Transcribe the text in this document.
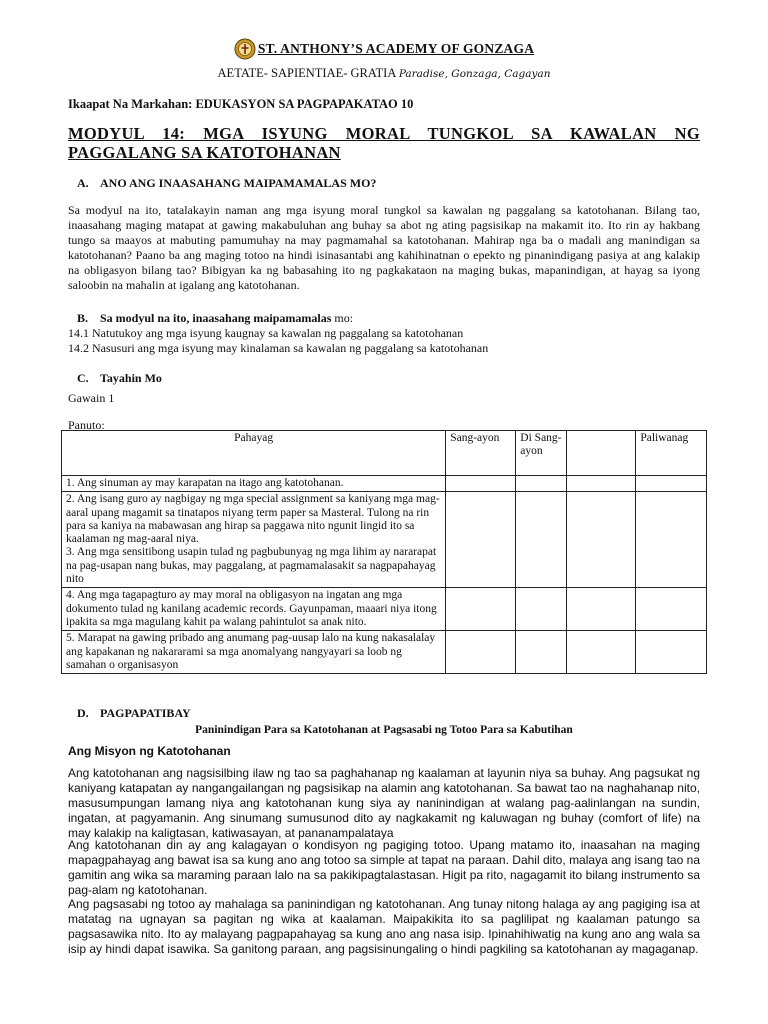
ST. ANTHONY’S ACADEMY OF GONZAGA
AETATE- SAPIENTIAE- GRATIA Paradise, Gonzaga, Cagayan
Ikaapat Na Markahan: EDUKASYON SA PAGPAPAKATAO 10
MODYUL 14: MGA ISYUNG MORAL TUNGKOL SA KAWALAN NG PAGGALANG SA KATOTOHANAN
A. ANO ANG INAASAHANG MAIPAMAMALAS MO?
Sa modyul na ito, tatalakayin naman ang mga isyung moral tungkol sa kawalan ng paggalang sa katotohanan. Bilang tao, inaasahang maging matapat at gawing makabuluhan ang buhay sa abot ng ating pagsisikap na makamit ito. Ito rin ay hakbang tungo sa maayos at mabuting pamumuhay na may pagmamahal sa katotohanan. Mahirap nga ba o madali ang manindigan sa katotohanan? Paano ba ang maging totoo na hindi isinasantabi ang kahihinatnan o epekto ng pinanindigang pasiya at ang kalakip na obligasyon bilang tao? Bibigyan ka ng babasahing ito ng pagkakataon na maging bukas, mapanindigan, at hayag sa iyong saloobin na mahalin at igalang ang katotohanan.
B. Sa modyul na ito, inaasahang maipamamalas mo:
14.1 Natutukoy ang mga isyung kaugnay sa kawalan ng paggalang sa katotohanan
14.2 Nasusuri ang mga isyung may kinalaman sa kawalan ng paggalang sa katotohanan
C. Tayahin Mo
Gawain 1
Panuto:
Pahayag	Sang-ayon	Di Sang-ayon		Paliwanag
1. Ang sinuman ay may karapatan na itago ang katotohanan.				
2. Ang isang guro ay nagbigay ng mga special assignment sa kaniyang mga mag-aaral upang magamit sa tinatapos niyang term paper sa Masteral. Tulong na rin para sa kaniya na mabawasan ang hirap sa paggawa nito ngunit lingid ito sa kaalaman ng mag-aaral niya.
3. Ang mga sensitibong usapin tulad ng pagbubunyag ng mga lihim ay nararapat na pag-usapan nang bukas, may paggalang, at pagmamalasakit sa nagpapahayag nito				
4. Ang mga tagapagturo ay may moral na obligasyon na ingatan ang mga dokumento tulad ng kanilang academic records. Gayunpaman, maaari niya itong ipakita sa mga magulang kahit pa walang pahintulot sa anak nito.				
5. Marapat na gawing pribado ang anumang pag-uusap lalo na kung nakasalalay ang kapakanan ng nakararami sa mga anomalyang nangyayari sa loob ng samahan o organisasyon				
D. PAGPAPATIBAY
Paninindigan Para sa Katotohanan at Pagsasabi ng Totoo Para sa Kabutihan
Ang Misyon ng Katotohanan
Ang katotohanan ang nagsisilbing ilaw ng tao sa paghahanap ng kaalaman at layunin niya sa buhay. Ang pagsukat ng kaniyang katapatan ay nangangailangan ng pagsisikap na alamin ang katotohanan. Sa bawat tao na naghahanap nito, masusumpungan lamang niya ang katotohanan kung siya ay naninindigan at walang pag-aalinlangan na sundin, ingatan, at pagyamanin. Ang sinumang sumusunod dito ay nagkakamit ng kaluwagan ng buhay (comfort of life) na may kalakip na kaligtasan, katiwasayan, at pananampalataya
Ang katotohanan din ay ang kalagayan o kondisyon ng pagiging totoo. Upang matamo ito, inaasahan na maging mapagpahayag ang bawat isa sa kung ano ang totoo sa simple at tapat na paraan. Dahil dito, malaya ang isang tao na gamitin ang wika sa maraming paraan lalo na sa pakikipagtalastasan. Higit pa rito, nagagamit ito bilang instrumento sa pag-alam ng katotohanan.
Ang pagsasabi ng totoo ay mahalaga sa paninindigan ng katotohanan. Ang tunay nitong halaga ay ang pagiging isa at matatag na ugnayan sa pagitan ng wika at kaalaman. Maipakikita ito sa paglilipat ng kaalaman patungo sa pagsasawika nito. Ito ay malayang pagpapahayag sa kung ano ang nasa isip. Ipinahihiwatig na kung ano ang wala sa isip ay hindi dapat isawika. Sa ganitong paraan, ang pagsisinungaling o hindi pagkiling sa katotohanan ay magaganap.
